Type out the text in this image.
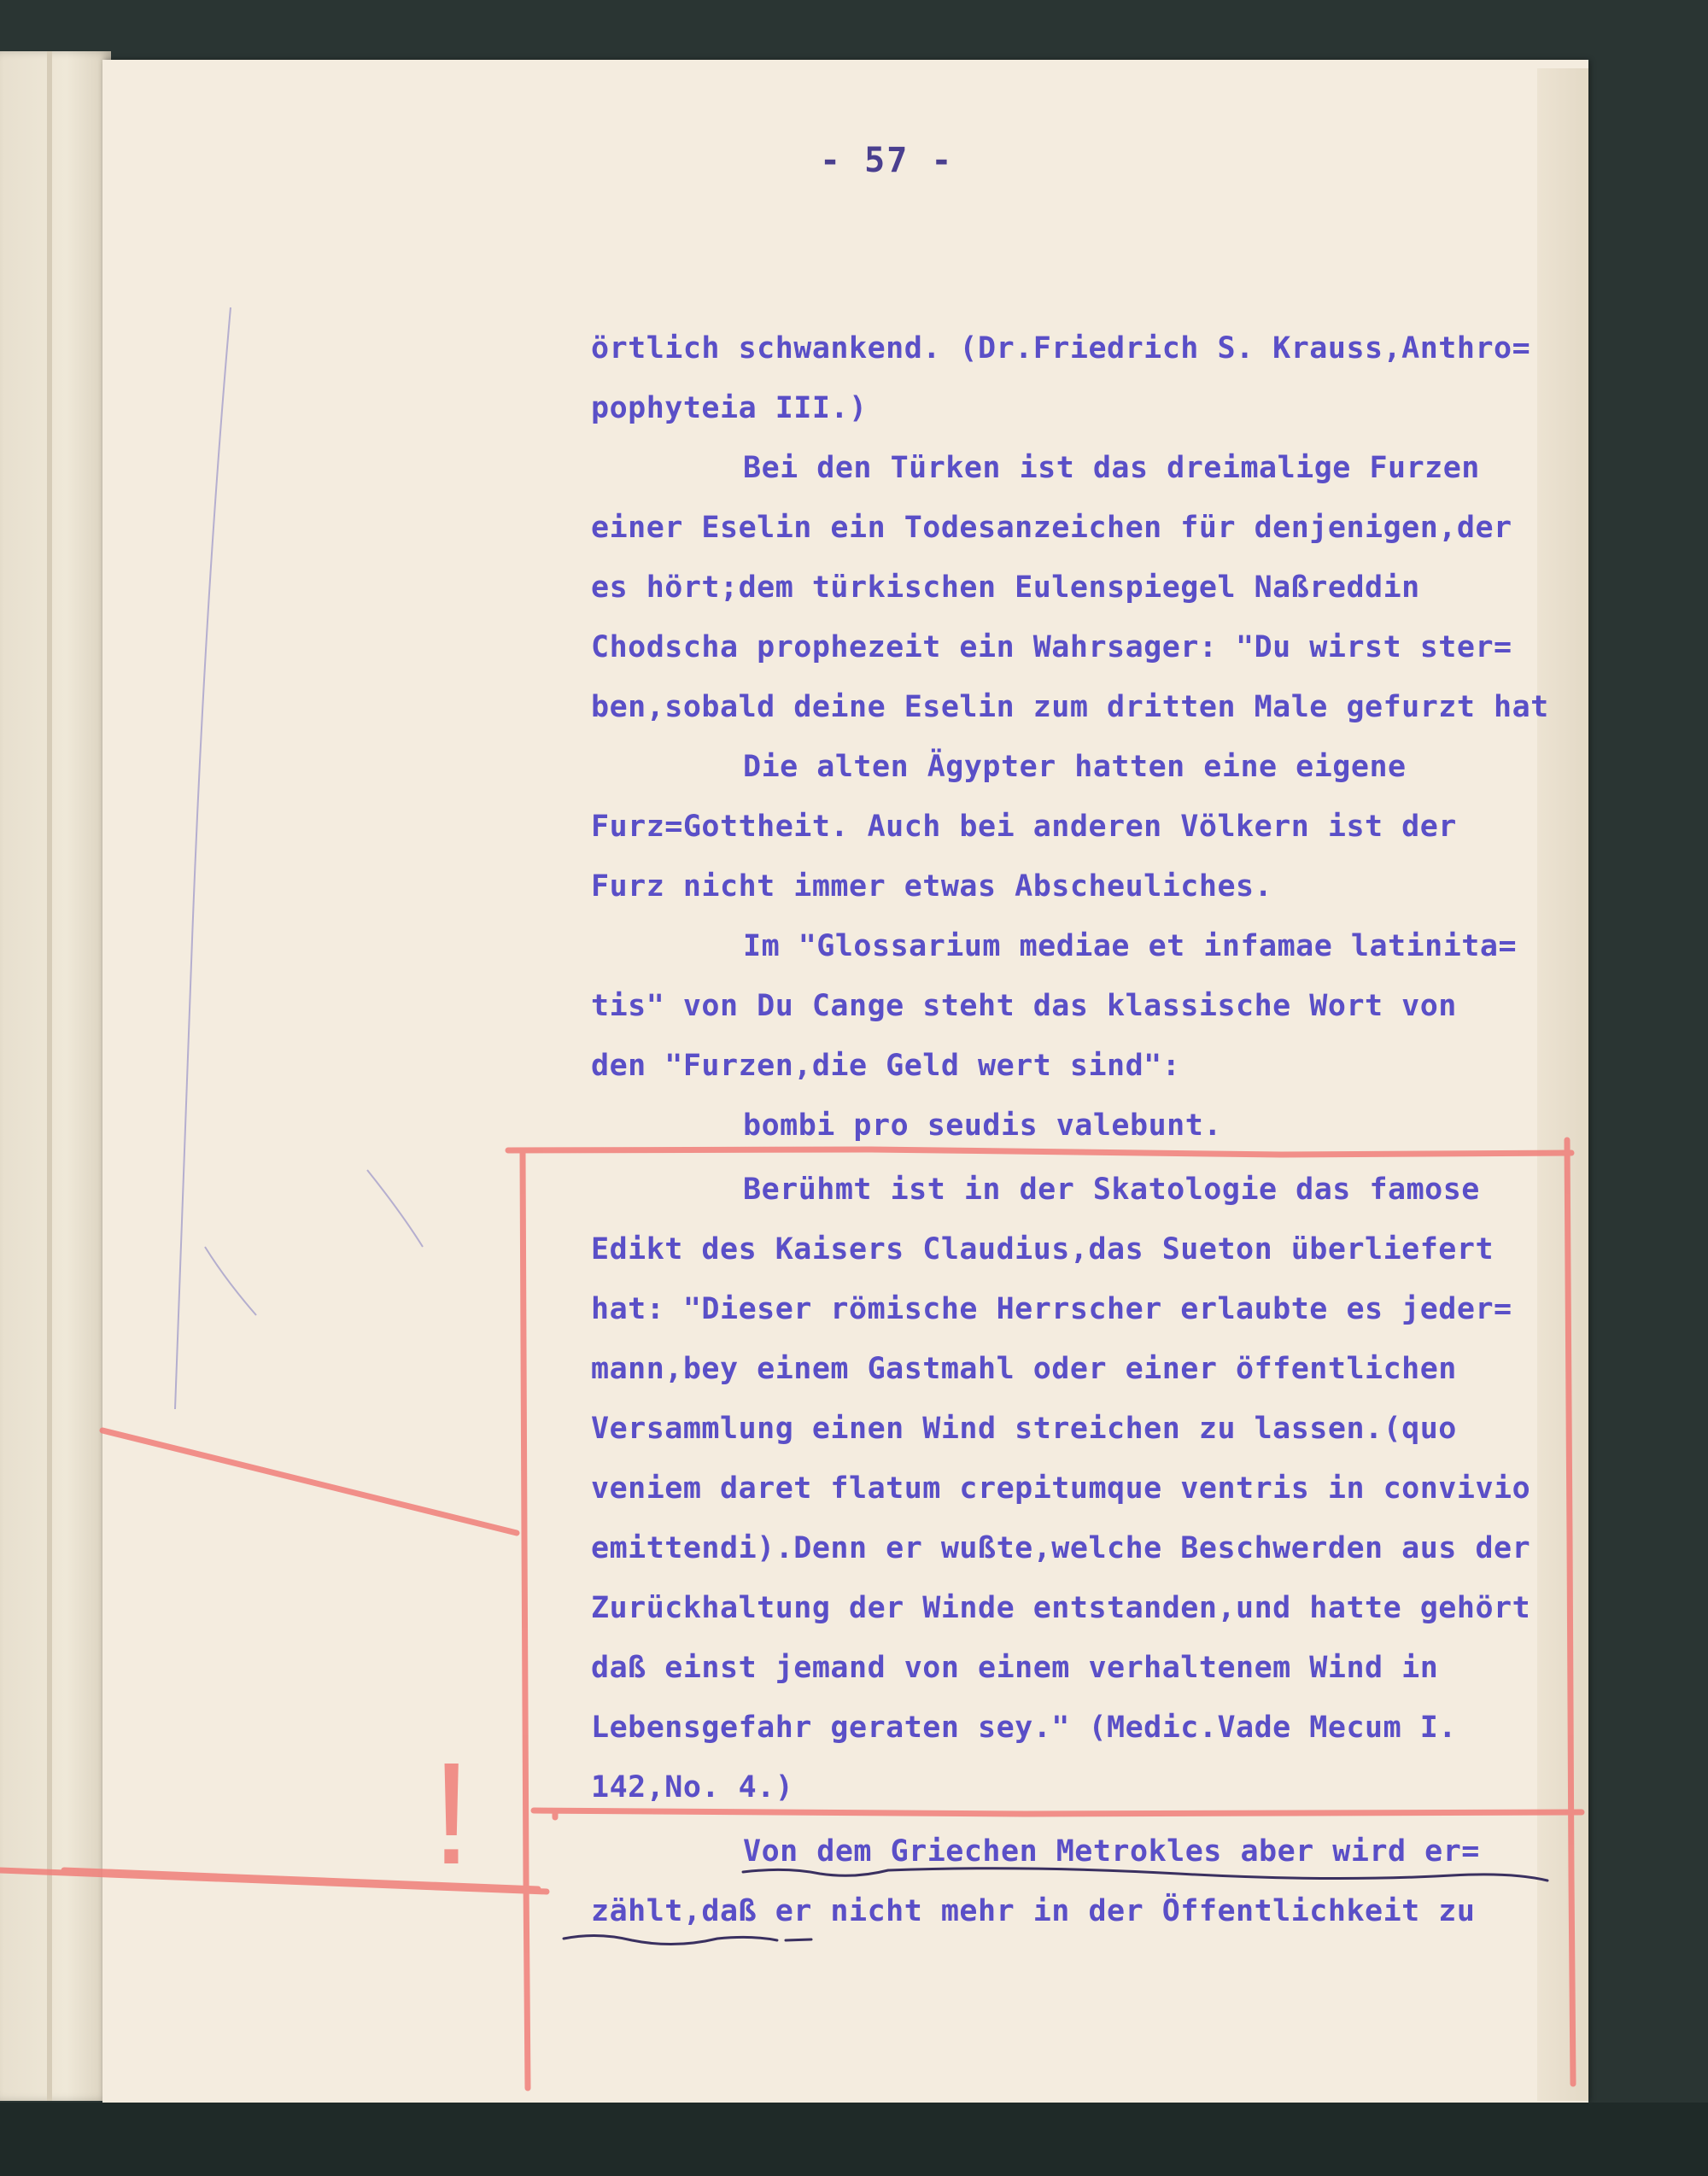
- 57 -
örtlich schwankend. (Dr.Friedrich S. Krauss,Anthro=
pophyteia III.)
Bei den Türken ist das dreimalige Furzen
einer Eselin ein Todesanzeichen für denjenigen,der
es hört;dem türkischen Eulenspiegel Naßreddin
Chodscha prophezeit ein Wahrsager: "Du wirst ster=
ben,sobald deine Eselin zum dritten Male gefurzt hat
Die alten Ägypter hatten eine eigene
Furz=Gottheit. Auch bei anderen Völkern ist der
Furz nicht immer etwas Abscheuliches.
Im "Glossarium mediae et infamae latinita=
tis" von Du Cange steht das klassische Wort von
den "Furzen,die Geld wert sind":
bombi pro seudis valebunt.
Berühmt ist in der Skatologie das famose
Edikt des Kaisers Claudius,das Sueton überliefert
hat: "Dieser römische Herrscher erlaubte es jeder=
mann,bey einem Gastmahl oder einer öffentlichen
Versammlung einen Wind streichen zu lassen.(quo
veniem daret flatum crepitumque ventris in convivio
emittendi).Denn er wußte,welche Beschwerden aus der
Zurückhaltung der Winde entstanden,und hatte gehört
daß einst jemand von einem verhaltenem Wind in
Lebensgefahr geraten sey." (Medic.Vade Mecum I.
142,No. 4.)
Von dem Griechen Metrokles aber wird er=
zählt,daß er nicht mehr in der Öffentlichkeit zu
!
